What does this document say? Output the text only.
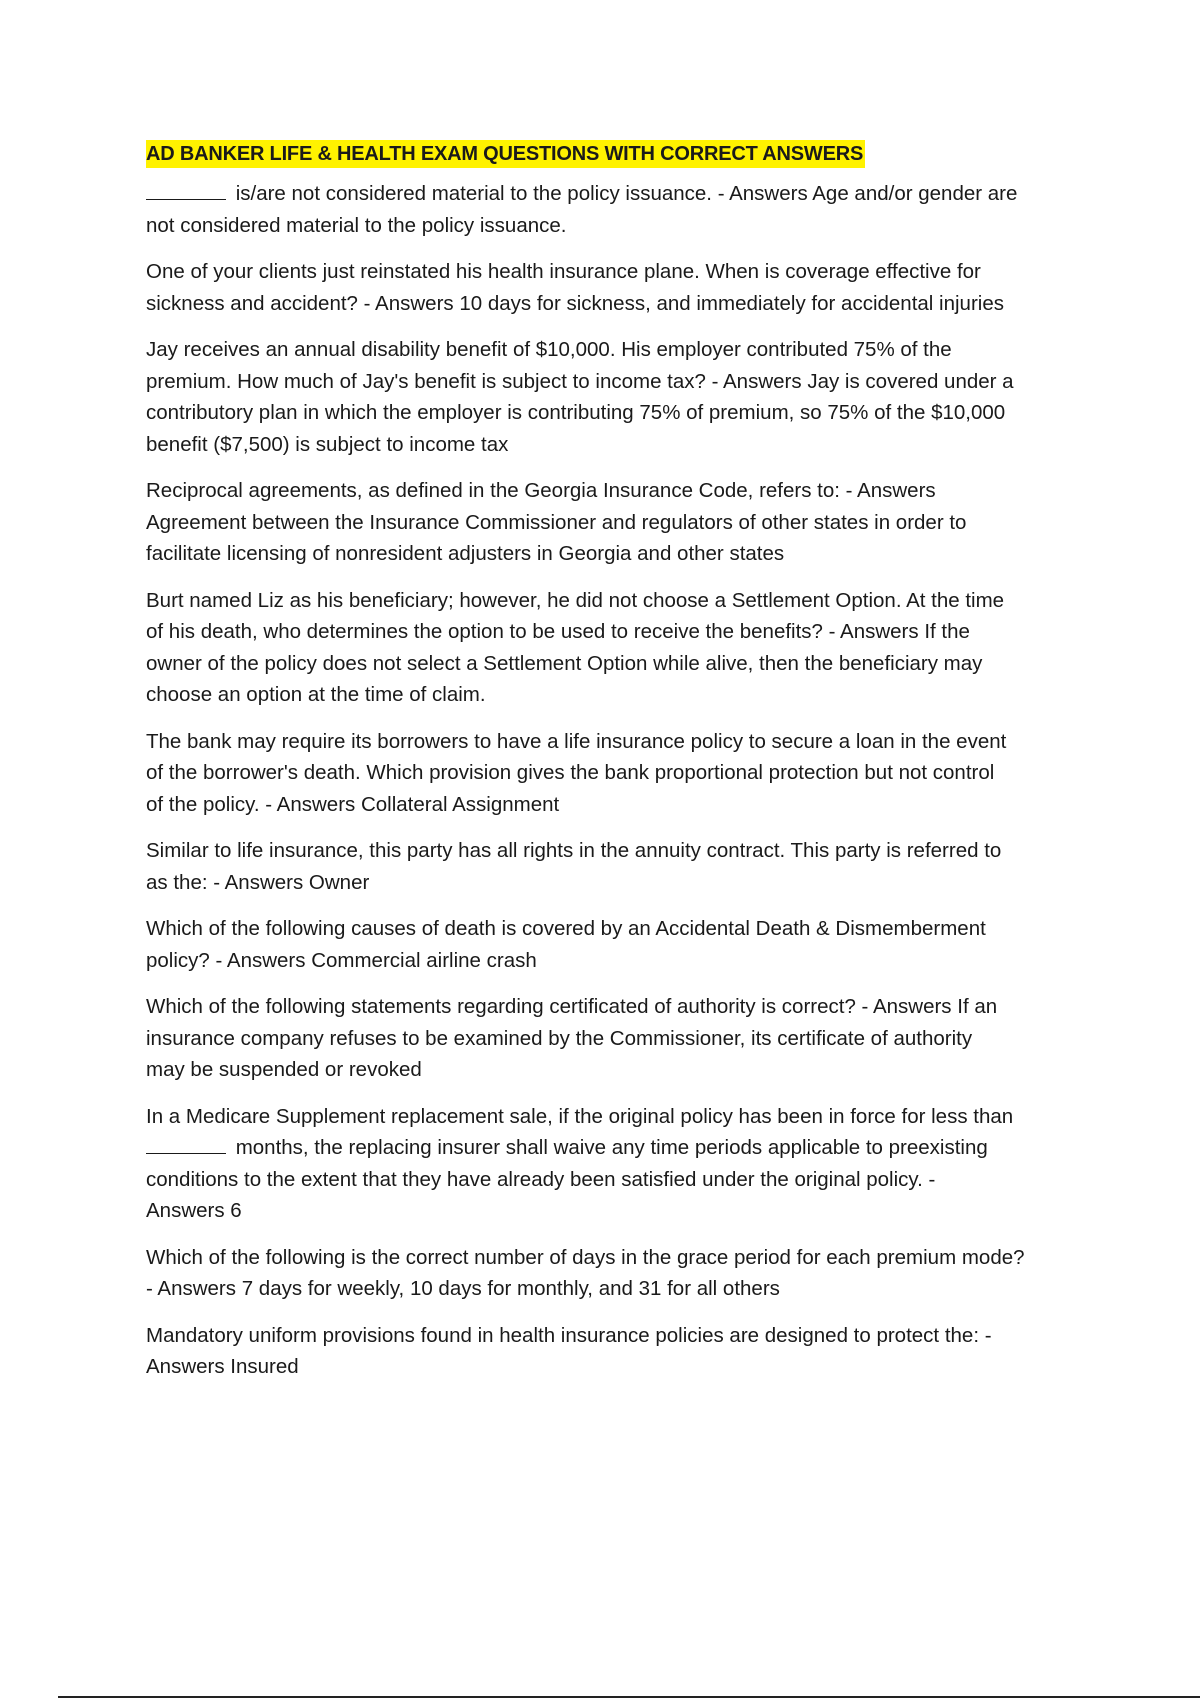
AD BANKER LIFE & HEALTH EXAM QUESTIONS WITH CORRECT ANSWERS

is/are not considered material to the policy issuance. - Answers Age and/or gender are
not considered material to the policy issuance.

One of your clients just reinstated his health insurance plane. When is coverage effective for
sickness and accident? - Answers 10 days for sickness, and immediately for accidental injuries

Jay receives an annual disability benefit of $10,000. His employer contributed 75% of the
premium. How much of Jay's benefit is subject to income tax? - Answers Jay is covered under a
contributory plan in which the employer is contributing 75% of premium, so 75% of the $10,000
benefit ($7,500) is subject to income tax

Reciprocal agreements, as defined in the Georgia Insurance Code, refers to: - Answers
Agreement between the Insurance Commissioner and regulators of other states in order to
facilitate licensing of nonresident adjusters in Georgia and other states

Burt named Liz as his beneficiary; however, he did not choose a Settlement Option. At the time
of his death, who determines the option to be used to receive the benefits? - Answers If the
owner of the policy does not select a Settlement Option while alive, then the beneficiary may
choose an option at the time of claim.

The bank may require its borrowers to have a life insurance policy to secure a loan in the event
of the borrower's death. Which provision gives the bank proportional protection but not control
of the policy. - Answers Collateral Assignment

Similar to life insurance, this party has all rights in the annuity contract. This party is referred to
as the: - Answers Owner

Which of the following causes of death is covered by an Accidental Death & Dismemberment
policy? - Answers Commercial airline crash

Which of the following statements regarding certificated of authority is correct? - Answers If an
insurance company refuses to be examined by the Commissioner, its certificate of authority
may be suspended or revoked

In a Medicare Supplement replacement sale, if the original policy has been in force for less than
months, the replacing insurer shall waive any time periods applicable to preexisting
conditions to the extent that they have already been satisfied under the original policy. -
Answers 6

Which of the following is the correct number of days in the grace period for each premium mode?
- Answers 7 days for weekly, 10 days for monthly, and 31 for all others

Mandatory uniform provisions found in health insurance policies are designed to protect the: -
Answers Insured
